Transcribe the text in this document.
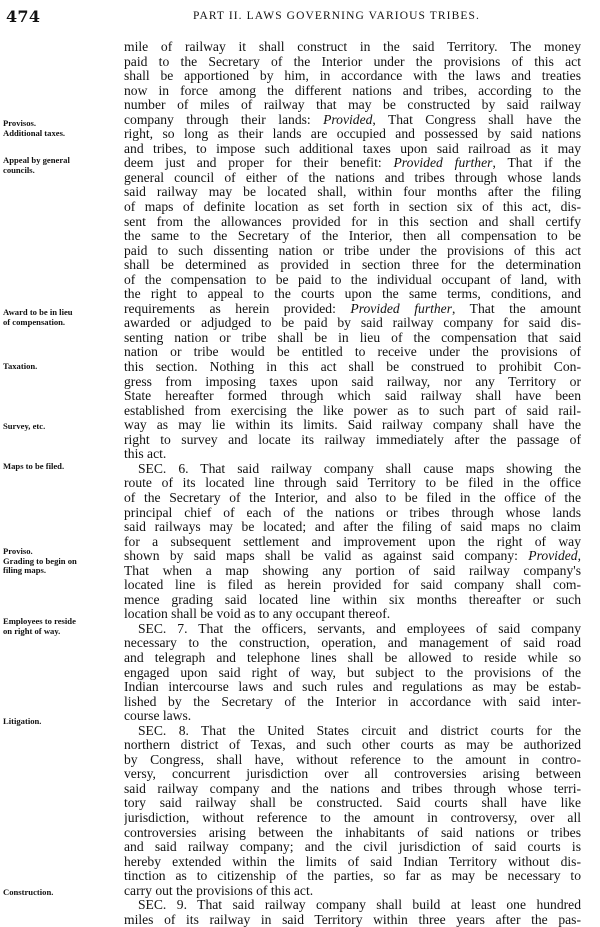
474	PART II. LAWS GOVERNING VARIOUS TRIBES.
Provisos.
Additional taxes.
Appeal by general
councils.
Award to be in lieu
of compensation.
Taxation.
Survey, etc.
Maps to be filed.
Proviso.
Grading to begin on
filing maps.
Employees to reside
on right of way.
Litigation.
Construction.
mile of railway it shall construct in the said Territory. The money
paid to the Secretary of the Interior under the provisions of this act
shall be apportioned by him, in accordance with the laws and treaties
now in force among the different nations and tribes, according to the
number of miles of railway that may be constructed by said railway
company through their lands: Provided, That Congress shall have the
right, so long as their lands are occupied and possessed by said nations
and tribes, to impose such additional taxes upon said railroad as it may
deem just and proper for their benefit: Provided further, That if the
general council of either of the nations and tribes through whose lands
said railway may be located shall, within four months after the filing
of maps of definite location as set forth in section six of this act, dis-
sent from the allowances provided for in this section and shall certify
the same to the Secretary of the Interior, then all compensation to be
paid to such dissenting nation or tribe under the provisions of this act
shall be determined as provided in section three for the determination
of the compensation to be paid to the individual occupant of land, with
the right to appeal to the courts upon the same terms, conditions, and
requirements as herein provided: Provided further, That the amount
awarded or adjudged to be paid by said railway company for said dis-
senting nation or tribe shall be in lieu of the compensation that said
nation or tribe would be entitled to receive under the provisions of
this section. Nothing in this act shall be construed to prohibit Con-
gress from imposing taxes upon said railway, nor any Territory or
State hereafter formed through which said railway shall have been
established from exercising the like power as to such part of said rail-
way as may lie within its limits. Said railway company shall have the
right to survey and locate its railway immediately after the passage of
this act.
SEC. 6. That said railway company shall cause maps showing the
route of its located line through said Territory to be filed in the office
of the Secretary of the Interior, and also to be filed in the office of the
principal chief of each of the nations or tribes through whose lands
said railways may be located; and after the filing of said maps no claim
for a subsequent settlement and improvement upon the right of way
shown by said maps shall be valid as against said company: Provided,
That when a map showing any portion of said railway company's
located line is filed as herein provided for said company shall com-
mence grading said located line within six months thereafter or such
location shall be void as to any occupant thereof.
SEC. 7. That the officers, servants, and employees of said company
necessary to the construction, operation, and management of said road
and telegraph and telephone lines shall be allowed to reside while so
engaged upon said right of way, but subject to the provisions of the
Indian intercourse laws and such rules and regulations as may be estab-
lished by the Secretary of the Interior in accordance with said inter-
course laws.
SEC. 8. That the United States circuit and district courts for the
northern district of Texas, and such other courts as may be authorized
by Congress, shall have, without reference to the amount in contro-
versy, concurrent jurisdiction over all controversies arising between
said railway company and the nations and tribes through whose terri-
tory said railway shall be constructed. Said courts shall have like
jurisdiction, without reference to the amount in controversy, over all
controversies arising between the inhabitants of said nations or tribes
and said railway company; and the civil jurisdiction of said courts is
hereby extended within the limits of said Indian Territory without dis-
tinction as to citizenship of the parties, so far as may be necessary to
carry out the provisions of this act.
SEC. 9. That said railway company shall build at least one hundred
miles of its railway in said Territory within three years after the pas-
